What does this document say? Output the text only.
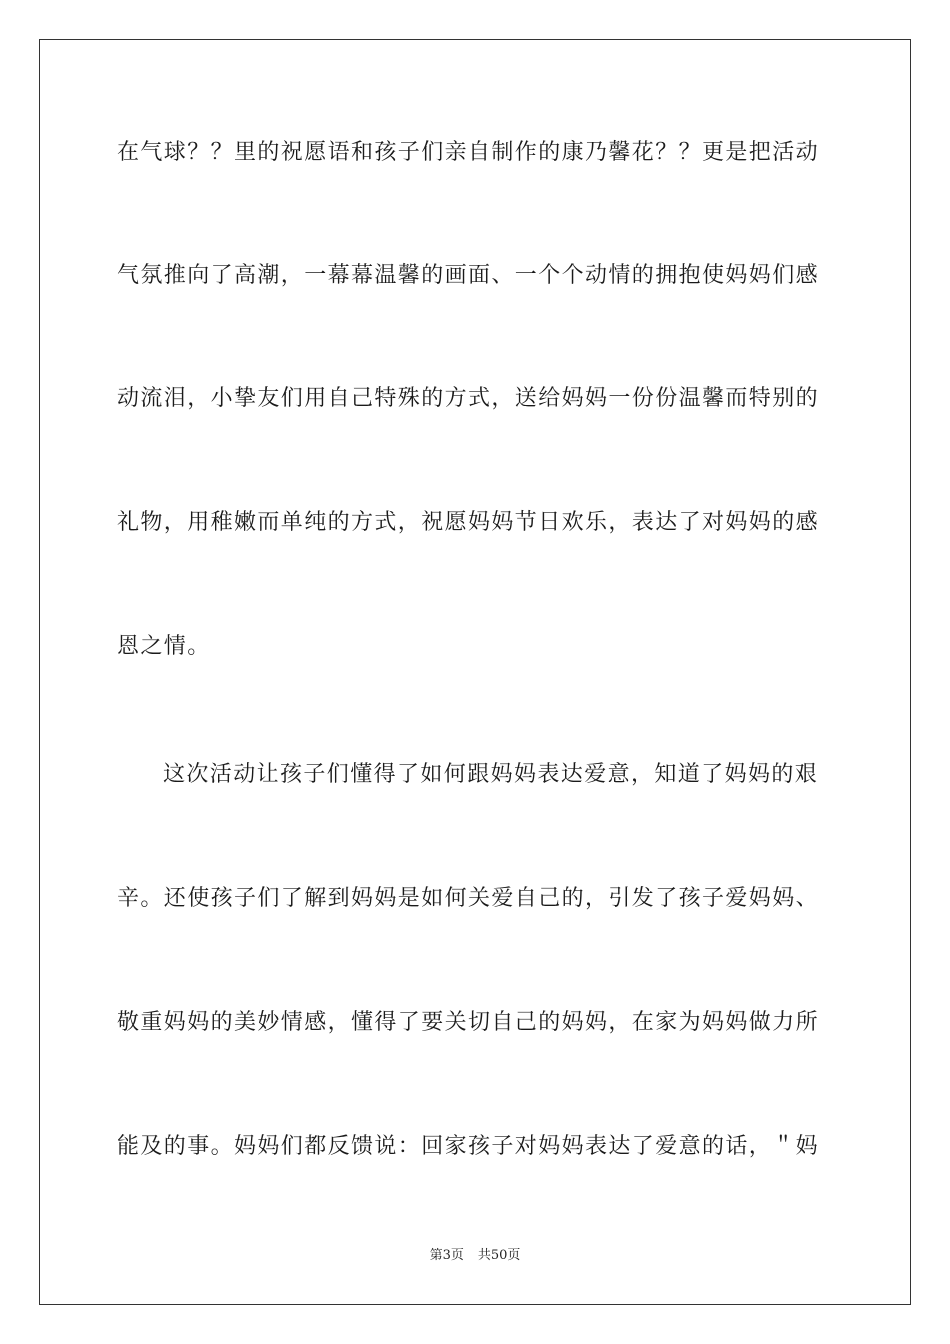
在气球？？里的祝愿语和孩子们亲自制作的康乃馨花？？更是把活动
气氛推向了高潮，一幕幕温馨的画面、一个个动情的拥抱使妈妈们感
动流泪，小挚友们用自己特殊的方式，送给妈妈一份份温馨而特别的
礼物，用稚嫩而单纯的方式，祝愿妈妈节日欢乐，表达了对妈妈的感
恩之情。
这次活动让孩子们懂得了如何跟妈妈表达爱意，知道了妈妈的艰
辛。还使孩子们了解到妈妈是如何关爱自己的，引发了孩子爱妈妈、
敬重妈妈的美妙情感，懂得了要关切自己的妈妈，在家为妈妈做力所
能及的事。妈妈们都反馈说：回家孩子对妈妈表达了爱意的话，＂妈
第3页 共50页
